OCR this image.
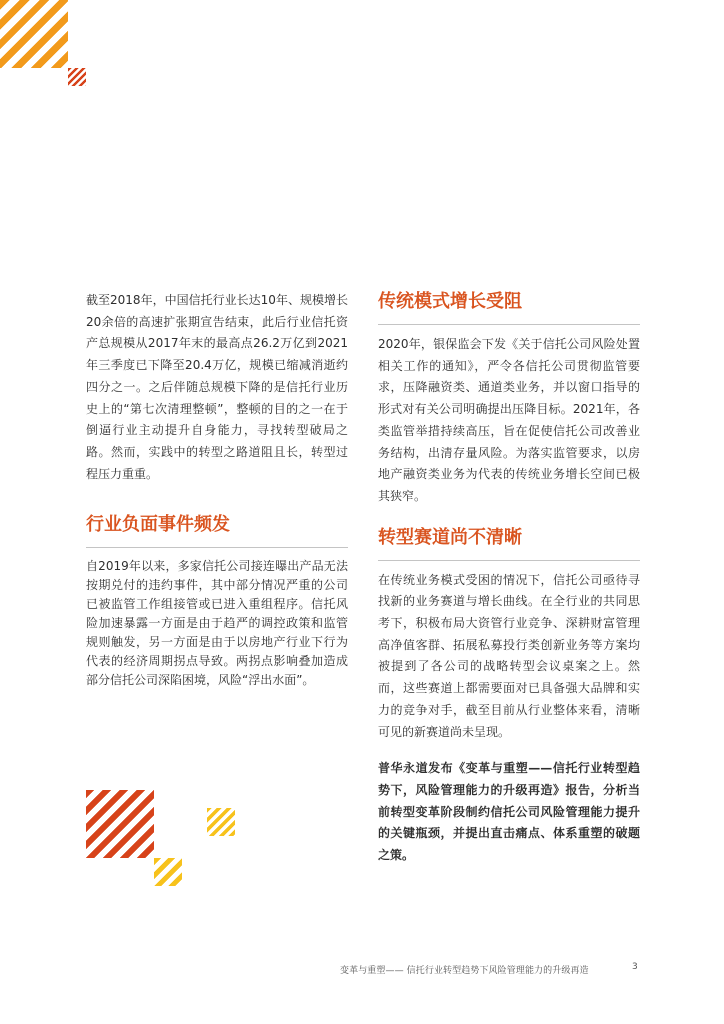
截至2018年，中国信托行业长达10年、规模增长20余倍的高速扩张期宣告结束，此后行业信托资产总规模从2017年末的最高点26.2万亿到2021年三季度已下降至20.4万亿，规模已缩减消逝约四分之一。之后伴随总规模下降的是信托行业历史上的“第七次清理整顿”，整顿的目的之一在于倒逼行业主动提升自身能力，寻找转型破局之路。然而，实践中的转型之路道阻且长，转型过程压力重重。

行业负面事件频发

自2019年以来，多家信托公司接连曝出产品无法按期兑付的违约事件，其中部分情况严重的公司已被监管工作组接管或已进入重组程序。信托风险加速暴露一方面是由于趋严的调控政策和监管规则触发，另一方面是由于以房地产行业下行为代表的经济周期拐点导致。两拐点影响叠加造成部分信托公司深陷困境，风险“浮出水面”。

传统模式增长受阻

2020年，银保监会下发《关于信托公司风险处置相关工作的通知》，严令各信托公司贯彻监管要求，压降融资类、通道类业务，并以窗口指导的形式对有关公司明确提出压降目标。2021年，各类监管举措持续高压，旨在促使信托公司改善业务结构，出清存量风险。为落实监管要求，以房地产融资类业务为代表的传统业务增长空间已极其狭窄。

转型赛道尚不清晰

在传统业务模式受困的情况下，信托公司亟待寻找新的业务赛道与增长曲线。在全行业的共同思考下，积极布局大资管行业竞争、深耕财富管理高净值客群、拓展私募投行类创新业务等方案均被提到了各公司的战略转型会议桌案之上。然而，这些赛道上都需要面对已具备强大品牌和实力的竞争对手，截至目前从行业整体来看，清晰可见的新赛道尚未呈现。

普华永道发布《变革与重塑——信托行业转型趋势下，风险管理能力的升级再造》报告，分析当前转型变革阶段制约信托公司风险管理能力提升的关键瓶颈，并提出直击痛点、体系重塑的破题之策。

变革与重塑—— 信托行业转型趋势下风险管理能力的升级再造	3
